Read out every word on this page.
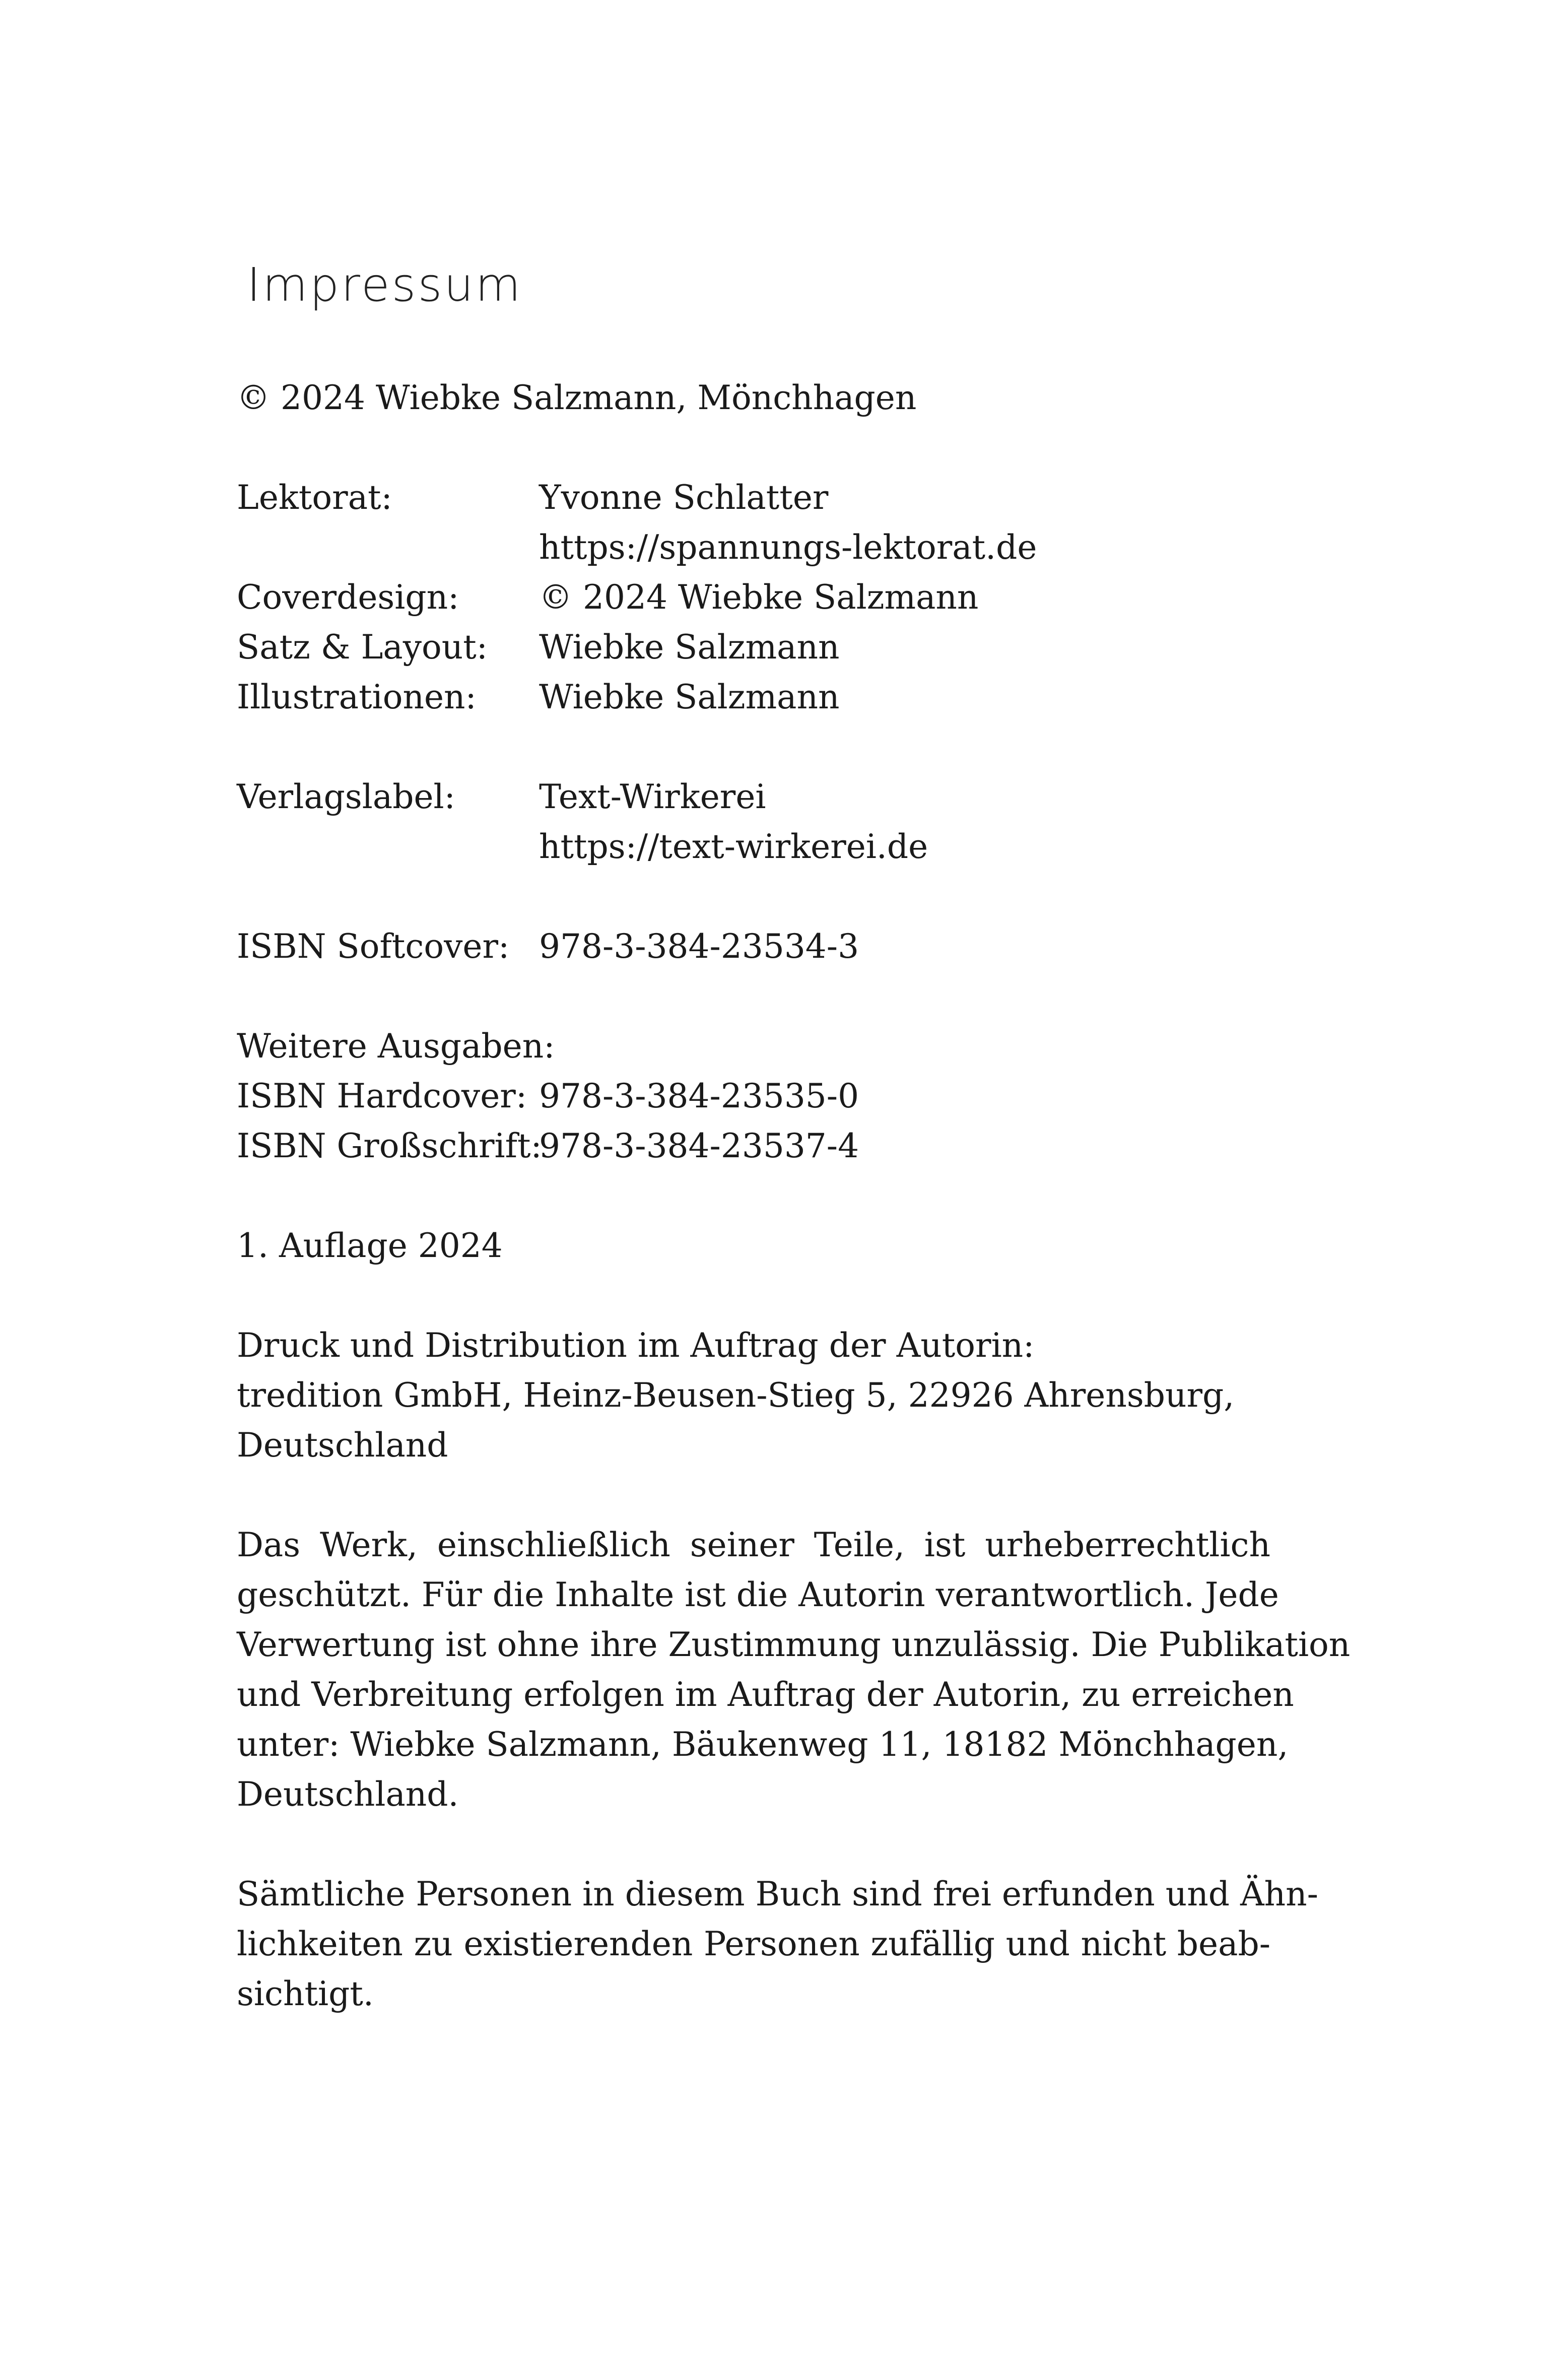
Impressum
© 2024 Wiebke Salzmann, Mönchhagen
Lektorat:	Yvonne Schlatter
https://spannungs-lektorat.de
Coverdesign:	© 2024 Wiebke Salzmann
Satz & Layout:	Wiebke Salzmann
Illustrationen:	Wiebke Salzmann
Verlagslabel:	Text-Wirkerei
https://text-wirkerei.de
ISBN Softcover: 978-3-384-23534-3
Weitere Ausgaben:
ISBN Hardcover: 978-3-384-23535-0
ISBN Großschrift:
978-3-384-23537-4
1. Auflage 2024
Druck und Distribution im Auftrag der Autorin:
tredition GmbH, Heinz-Beusen-Stieg 5, 22926 Ahrensburg,
Deutschland
Das Werk, einschließlich seiner Teile, ist urheberrechtlich
geschützt. Für die Inhalte ist die Autorin verantwortlich. Jede
Verwertung ist ohne ihre Zustimmung unzulässig. Die Publikation
und Verbreitung erfolgen im Auftrag der Autorin, zu erreichen
unter: Wiebke Salzmann, Bäukenweg 11, 18182 Mönchhagen,
Deutschland.
Sämtliche Personen in diesem Buch sind frei erfunden und Ähn-
lichkeiten zu existierenden Personen zufällig und nicht beab-
sichtigt.
